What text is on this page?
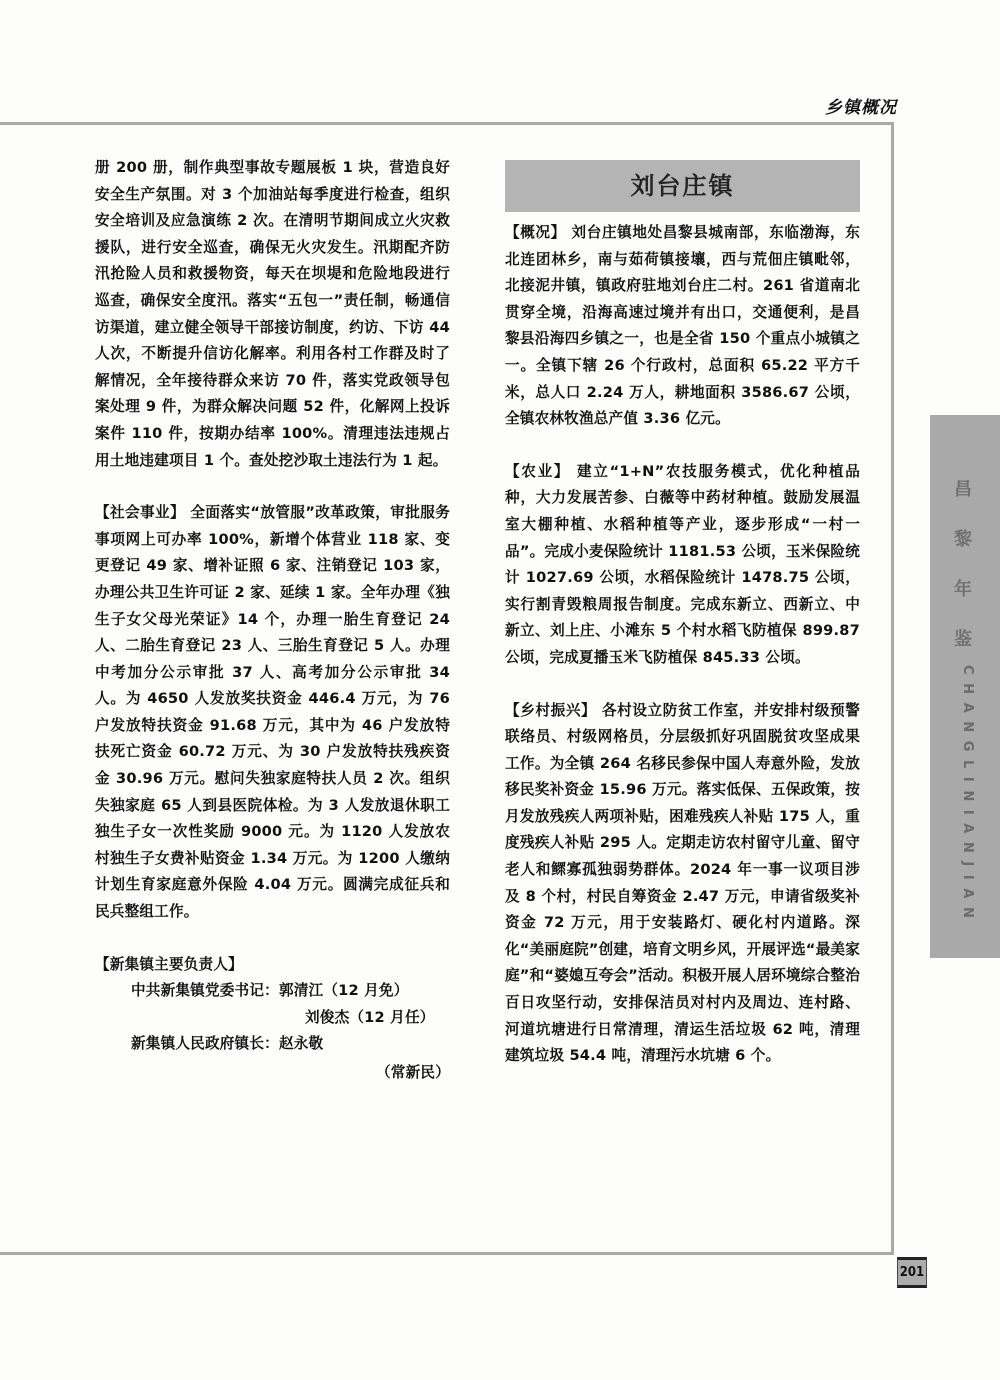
乡镇概况

册 200 册，制作典型事故专题展板 1 块，营造良好安全生产氛围。对 3 个加油站每季度进行检查，组织安全培训及应急演练 2 次。在清明节期间成立火灾救援队，进行安全巡查，确保无火灾发生。汛期配齐防汛抢险人员和救援物资，每天在坝堤和危险地段进行巡查，确保安全度汛。落实“五包一”责任制，畅通信访渠道，建立健全领导干部接访制度，约访、下访 44 人次，不断提升信访化解率。利用各村工作群及时了解情况，全年接待群众来访 70 件，落实党政领导包案处理 9 件，为群众解决问题 52 件，化解网上投诉案件 110 件，按期办结率 100%。清理违法违规占用土地违建项目 1 个。查处挖沙取土违法行为 1 起。

【社会事业】 全面落实“放管服”改革政策，审批服务事项网上可办率 100%，新增个体营业 118 家、变更登记 49 家、增补证照 6 家、注销登记 103 家，办理公共卫生许可证 2 家、延续 1 家。全年办理《独生子女父母光荣证》14 个，办理一胎生育登记 24 人、二胎生育登记 23 人、三胎生育登记 5 人。办理中考加分公示审批 37 人、高考加分公示审批 34 人。为 4650 人发放奖扶资金 446.4 万元，为 76 户发放特扶资金 91.68 万元，其中为 46 户发放特扶死亡资金 60.72 万元、为 30 户发放特扶残疾资金 30.96 万元。慰问失独家庭特扶人员 2 次。组织失独家庭 65 人到县医院体检。为 3 人发放退休职工独生子女一次性奖励 9000 元。为 1120 人发放农村独生子女费补贴资金 1.34 万元。为 1200 人缴纳计划生育家庭意外保险 4.04 万元。圆满完成征兵和民兵整组工作。

【新集镇主要负责人】
中共新集镇党委书记：郭清江（12 月免）
刘俊杰（12 月任）
新集镇人民政府镇长：赵永敬
（常新民）
刘台庄镇

【概况】 刘台庄镇地处昌黎县城南部，东临渤海，东北连团林乡，南与茹荷镇接壤，西与荒佃庄镇毗邻，北接泥井镇，镇政府驻地刘台庄二村。261 省道南北贯穿全境，沿海高速过境并有出口，交通便利，是昌黎县沿海四乡镇之一，也是全省 150 个重点小城镇之一。全镇下辖 26 个行政村，总面积 65.22 平方千米，总人口 2.24 万人，耕地面积 3586.67 公顷，全镇农林牧渔总产值 3.36 亿元。

【农业】 建立“1+N”农技服务模式，优化种植品种，大力发展苦参、白薇等中药材种植。鼓励发展温室大棚种植、水稻种植等产业，逐步形成“一村一品”。完成小麦保险统计 1181.53 公顷，玉米保险统计 1027.69 公顷，水稻保险统计 1478.75 公顷，实行割青毁粮周报告制度。完成东新立、西新立、中新立、刘上庄、小滩东 5 个村水稻飞防植保 899.87 公顷，完成夏播玉米飞防植保 845.33 公顷。

【乡村振兴】 各村设立防贫工作室，并安排村级预警联络员、村级网格员，分层级抓好巩固脱贫攻坚成果工作。为全镇 264 名移民参保中国人寿意外险，发放移民奖补资金 15.96 万元。落实低保、五保政策，按月发放残疾人两项补贴，困难残疾人补贴 175 人，重度残疾人补贴 295 人。定期走访农村留守儿童、留守老人和鳏寡孤独弱势群体。2024 年一事一议项目涉及 8 个村，村民自筹资金 2.47 万元，申请省级奖补资金 72 万元，用于安装路灯、硬化村内道路。深化“美丽庭院”创建，培育文明乡风，开展评选“最美家庭”和“婆媳互夸会”活动。积极开展人居环境综合整治百日攻坚行动，安排保洁员对村内及周边、连村路、河道坑塘进行日常清理，清运生活垃圾 62 吨，清理建筑垃圾 54.4 吨，清理污水坑塘 6 个。

昌
黎
年
鉴
CHANGLINIANJIAN
201
